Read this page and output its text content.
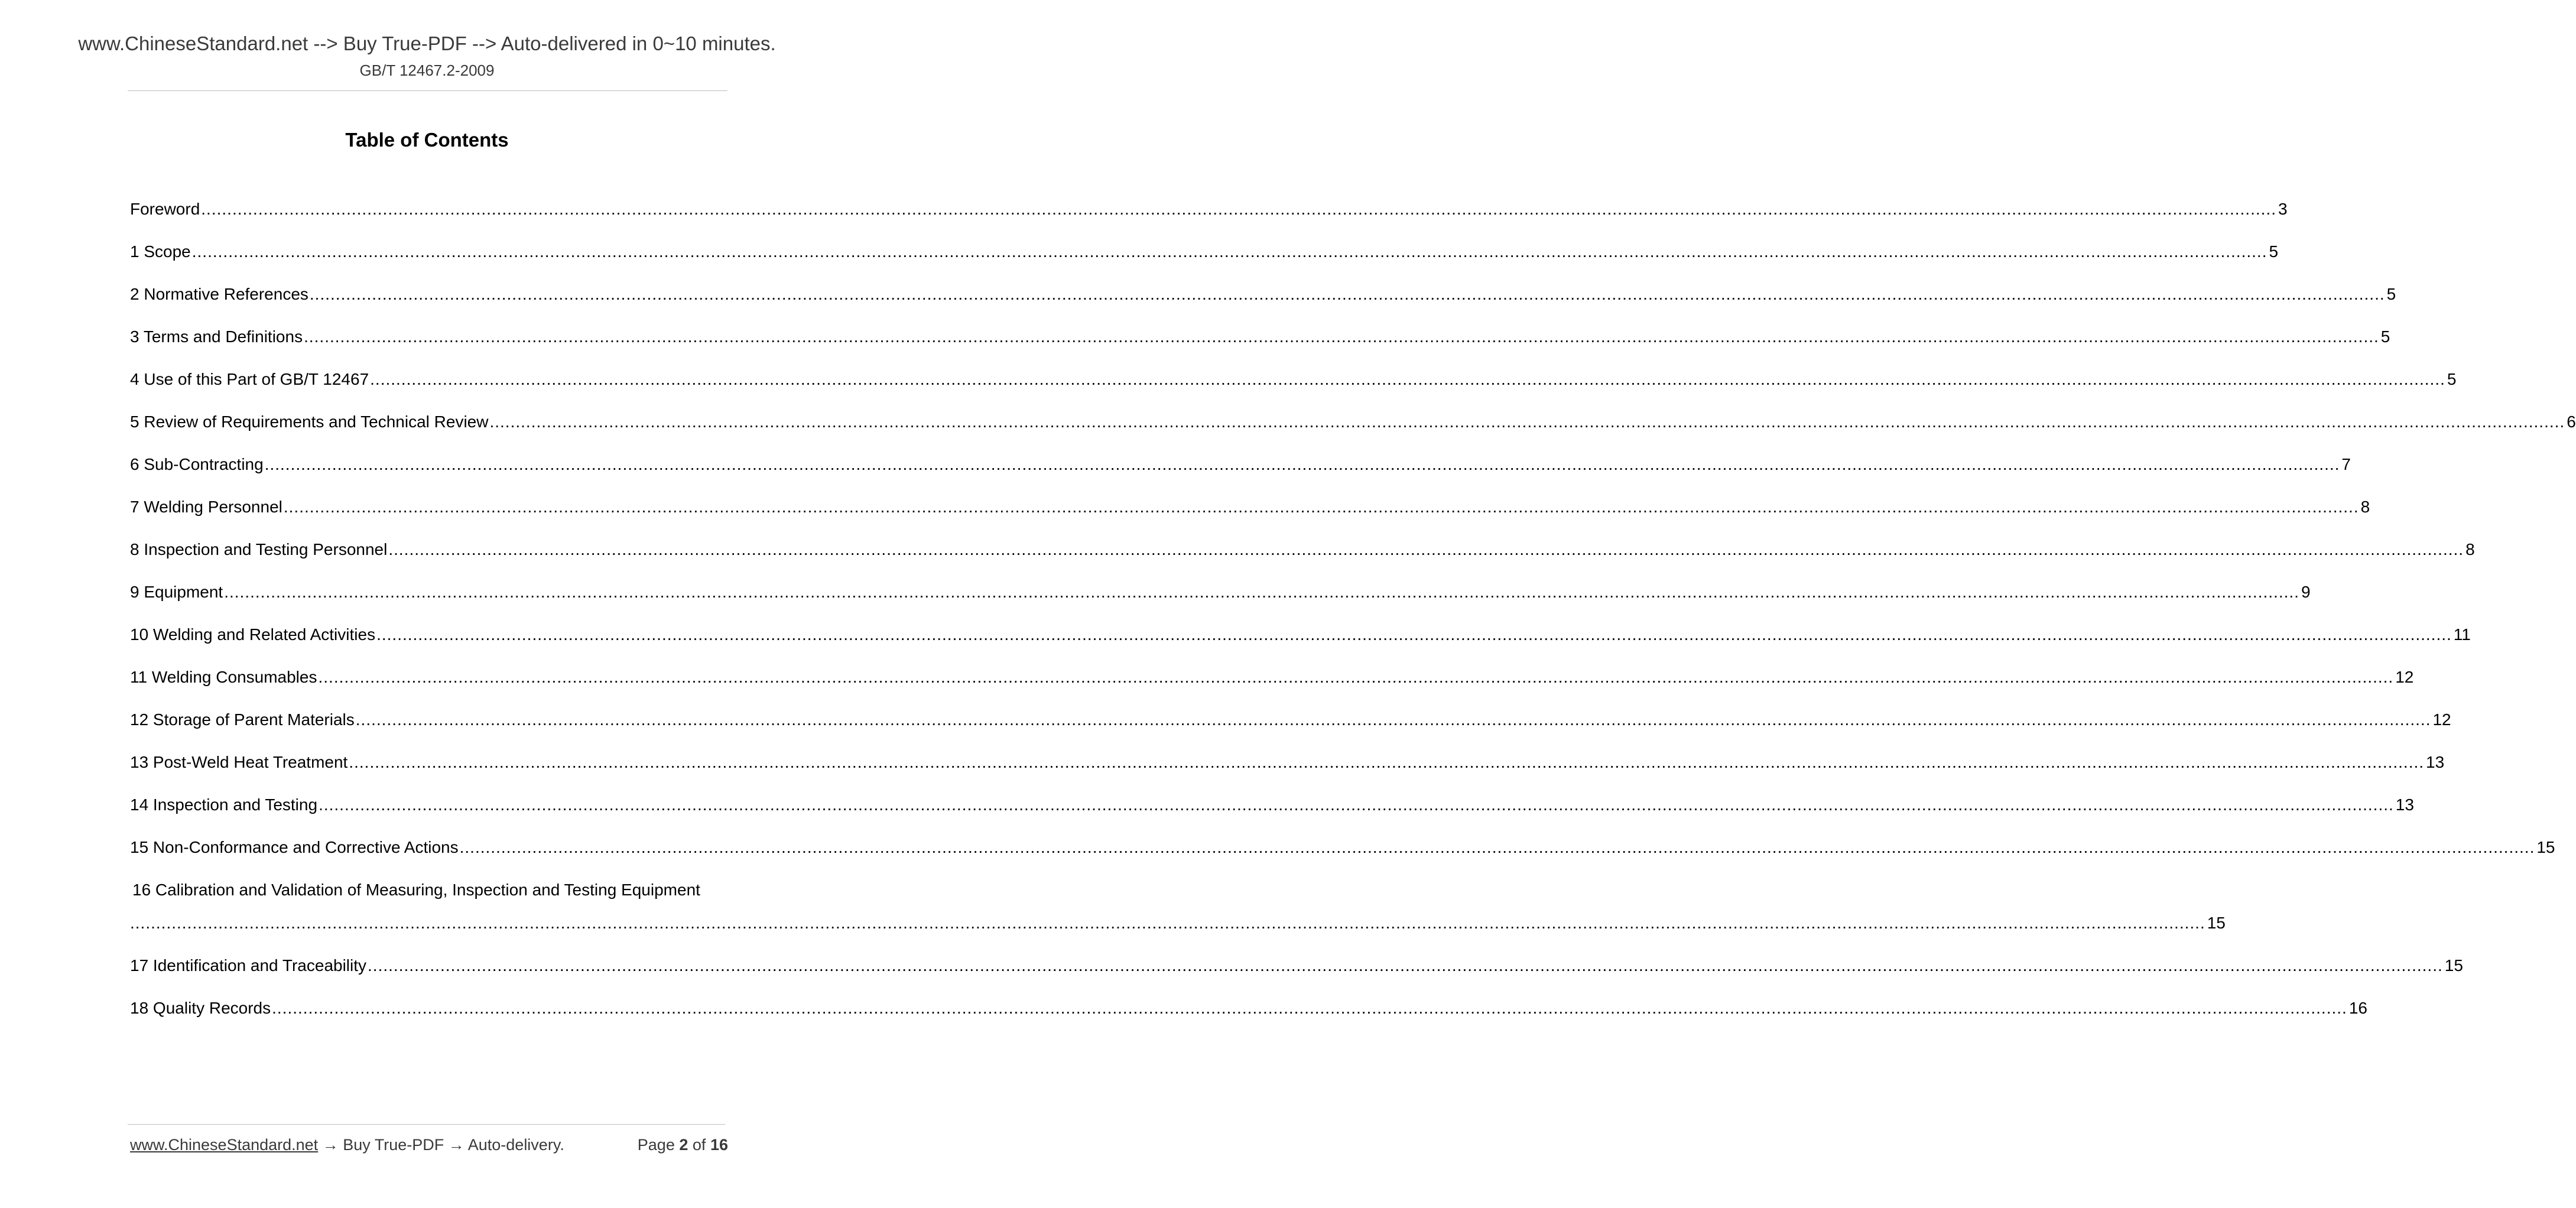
www.ChineseStandard.net --> Buy True-PDF --> Auto-delivered in 0~10 minutes.
GB/T 12467.2-2009
Table of Contents
Foreword ................................................................................................................................................................................................................................................................................................................................................................................................................ 3
1 Scope ................................................................................................................................................................................................................................................................................................................................................................................................................ 5
2 Normative References ................................................................................................................................................................................................................................................................................................................................................................................................................ 5
3 Terms and Definitions ................................................................................................................................................................................................................................................................................................................................................................................................................ 5
4 Use of this Part of GB/T 12467 ................................................................................................................................................................................................................................................................................................................................................................................................................ 5
5 Review of Requirements and Technical Review ................................................................................................................................................................................................................................................................................................................................................................................................................ 6
6 Sub-Contracting ................................................................................................................................................................................................................................................................................................................................................................................................................ 7
7 Welding Personnel ................................................................................................................................................................................................................................................................................................................................................................................................................ 8
8 Inspection and Testing Personnel ................................................................................................................................................................................................................................................................................................................................................................................................................ 8
9 Equipment ................................................................................................................................................................................................................................................................................................................................................................................................................ 9
10 Welding and Related Activities ................................................................................................................................................................................................................................................................................................................................................................................................................ 11
11 Welding Consumables ................................................................................................................................................................................................................................................................................................................................................................................................................ 12
12 Storage of Parent Materials ................................................................................................................................................................................................................................................................................................................................................................................................................ 12
13 Post-Weld Heat Treatment ................................................................................................................................................................................................................................................................................................................................................................................................................ 13
14 Inspection and Testing ................................................................................................................................................................................................................................................................................................................................................................................................................ 13
15 Non-Conformance and Corrective Actions ................................................................................................................................................................................................................................................................................................................................................................................................................ 15
16 Calibration and Validation of Measuring, Inspection and Testing Equipment
................................................................................................................................................................................................................................................................................................................................................................................................................ 15
17 Identification and Traceability ................................................................................................................................................................................................................................................................................................................................................................................................................ 15
18 Quality Records ................................................................................................................................................................................................................................................................................................................................................................................................................ 16
www.ChineseStandard.net → Buy True-PDF → Auto-delivery.	Page 2 of 16
